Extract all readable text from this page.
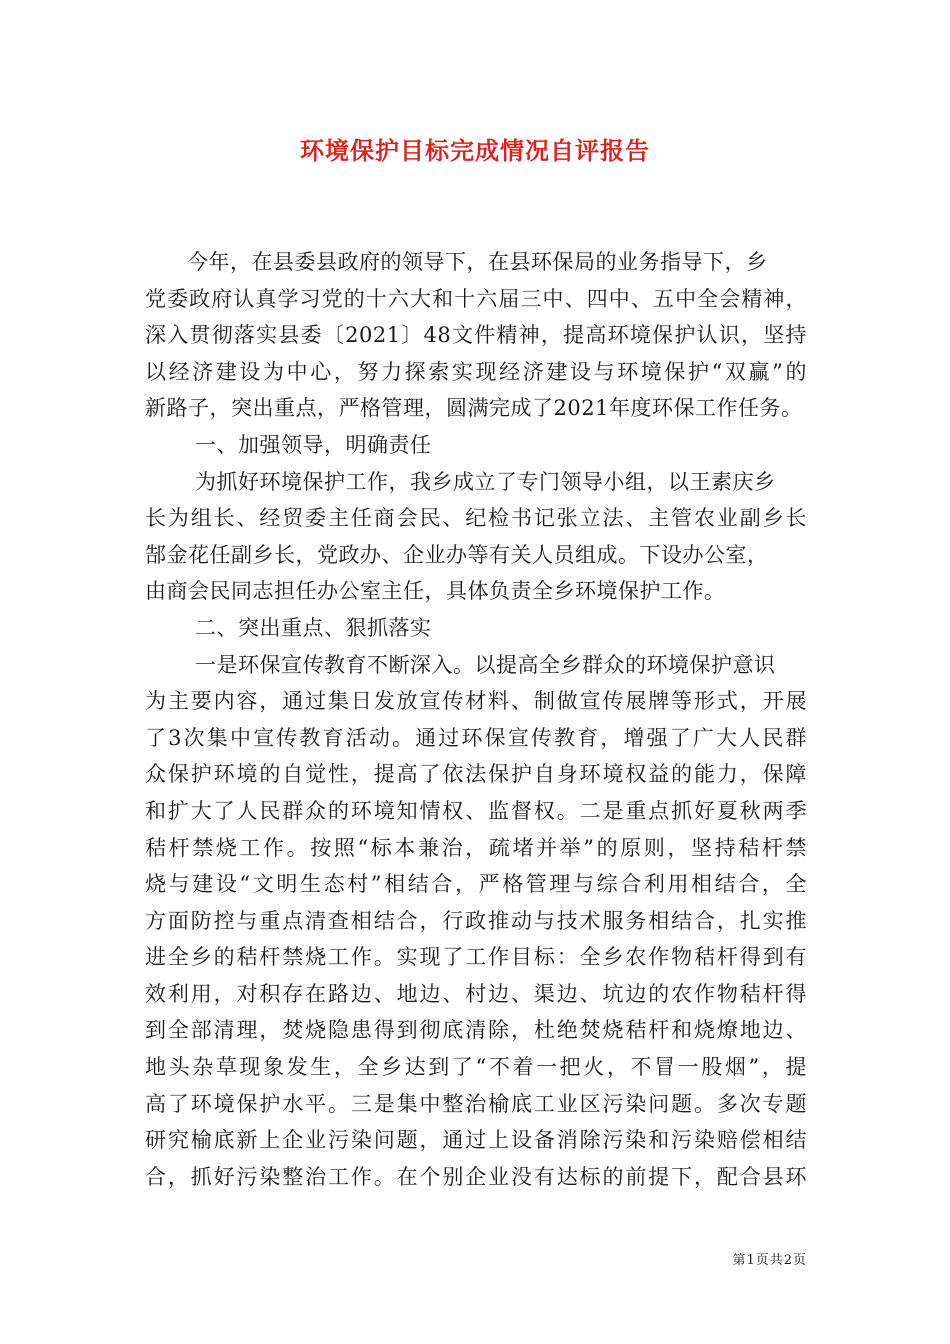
环境保护目标完成情况自评报告
今年，在县委县政府的领导下，在县环保局的业务指导下，乡
党委政府认真学习党的十六大和十六届三中、四中、五中全会精神，
深入贯彻落实县委〔2021〕48文件精神，提高环境保护认识，坚持
以经济建设为中心，努力探索实现经济建设与环境保护“双赢”的
新路子，突出重点，严格管理，圆满完成了2021年度环保工作任务。
一、加强领导，明确责任
为抓好环境保护工作，我乡成立了专门领导小组，以王素庆乡
长为组长、经贸委主任商会民、纪检书记张立法、主管农业副乡长
郜金花任副乡长，党政办、企业办等有关人员组成。下设办公室，
由商会民同志担任办公室主任，具体负责全乡环境保护工作。
二、突出重点、狠抓落实
一是环保宣传教育不断深入。以提高全乡群众的环境保护意识
为主要内容，通过集日发放宣传材料、制做宣传展牌等形式，开展
了3次集中宣传教育活动。通过环保宣传教育，增强了广大人民群
众保护环境的自觉性，提高了依法保护自身环境权益的能力，保障
和扩大了人民群众的环境知情权、监督权。二是重点抓好夏秋两季
秸杆禁烧工作。按照“标本兼治，疏堵并举”的原则，坚持秸杆禁
烧与建设“文明生态村”相结合，严格管理与综合利用相结合，全
方面防控与重点清查相结合，行政推动与技术服务相结合，扎实推
进全乡的秸杆禁烧工作。实现了工作目标：全乡农作物秸杆得到有
效利用，对积存在路边、地边、村边、渠边、坑边的农作物秸杆得
到全部清理，焚烧隐患得到彻底清除，杜绝焚烧秸杆和烧燎地边、
地头杂草现象发生，全乡达到了“不着一把火，不冒一股烟”，提
高了环境保护水平。三是集中整治榆底工业区污染问题。多次专题
研究榆底新上企业污染问题，通过上设备消除污染和污染赔偿相结
合，抓好污染整治工作。在个别企业没有达标的前提下，配合县环
第1页共2页
